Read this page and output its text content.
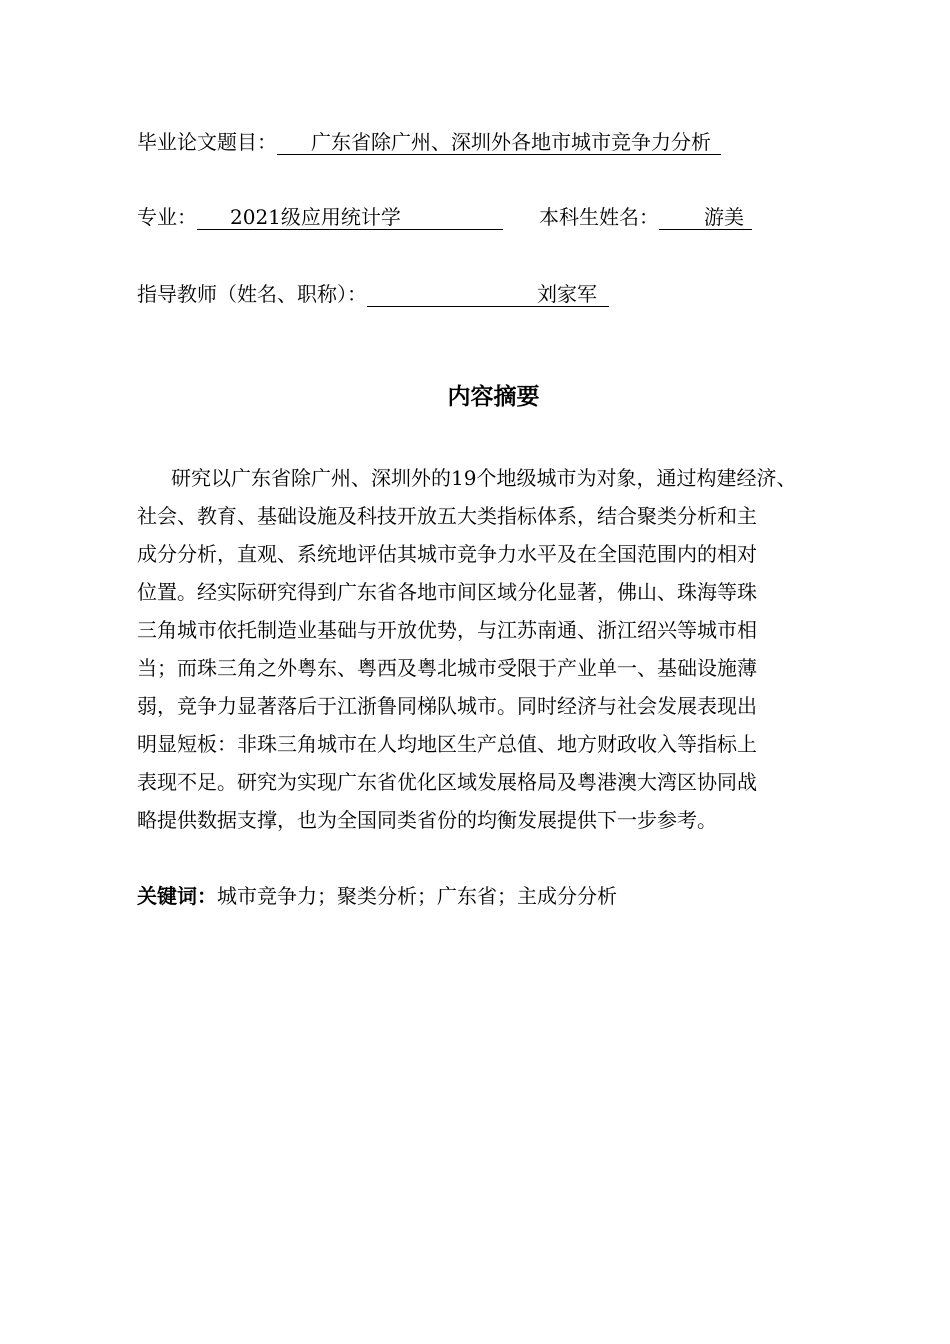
毕业论文题目： 广东省除广州、深圳外各地市城市竞争力分析
专业： 2021级应用统计学	本科生姓名： 游美
指导教师（姓名、职称）：	刘家军
内容摘要
研究以广东省除广州、深圳外的19个地级城市为对象，通过构建经济、
社会、教育、基础设施及科技开放五大类指标体系，结合聚类分析和主
成分分析，直观、系统地评估其城市竞争力水平及在全国范围内的相对
位置。经实际研究得到广东省各地市间区域分化显著，佛山、珠海等珠
三角城市依托制造业基础与开放优势，与江苏南通、浙江绍兴等城市相
当；而珠三角之外粤东、粤西及粤北城市受限于产业单一、基础设施薄
弱，竞争力显著落后于江浙鲁同梯队城市。同时经济与社会发展表现出
明显短板：非珠三角城市在人均地区生产总值、地方财政收入等指标上
表现不足。研究为实现广东省优化区域发展格局及粤港澳大湾区协同战
略提供数据支撑，也为全国同类省份的均衡发展提供下一步参考。
关键词：城市竞争力；聚类分析；广东省；主成分分析
